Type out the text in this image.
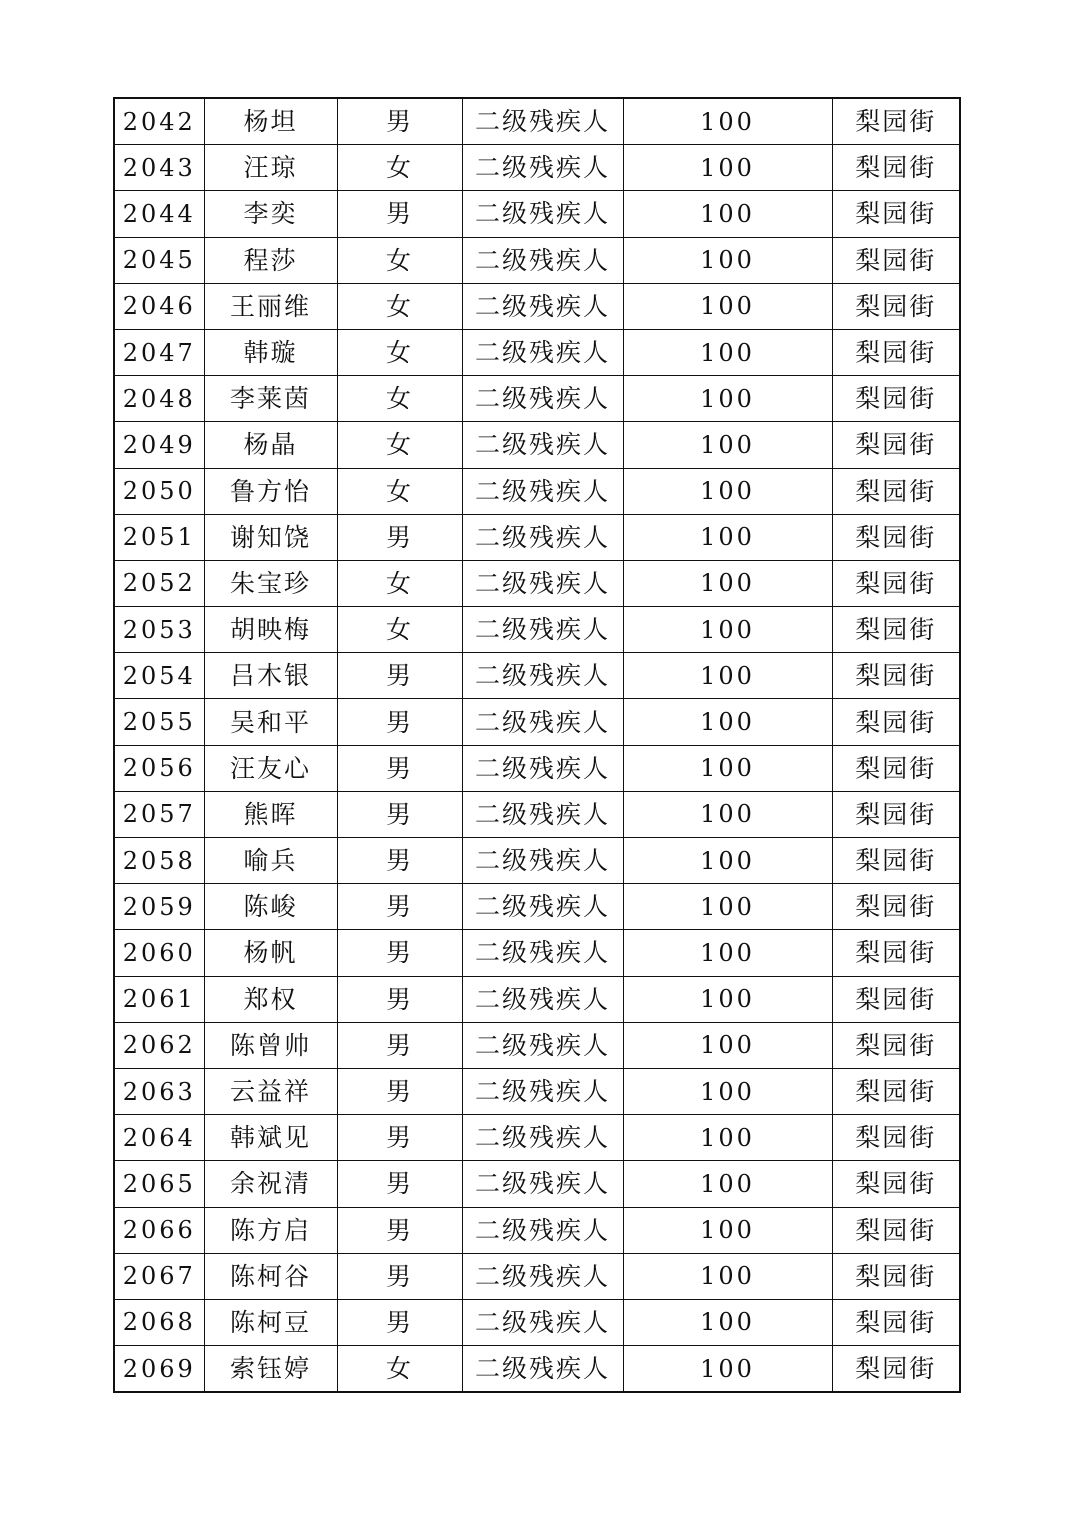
2042	杨坦	男	二级残疾人	100	梨园街
2043	汪琼	女	二级残疾人	100	梨园街
2044	李奕	男	二级残疾人	100	梨园街
2045	程莎	女	二级残疾人	100	梨园街
2046	王丽维	女	二级残疾人	100	梨园街
2047	韩璇	女	二级残疾人	100	梨园街
2048	李莱茵	女	二级残疾人	100	梨园街
2049	杨晶	女	二级残疾人	100	梨园街
2050	鲁方怡	女	二级残疾人	100	梨园街
2051	谢知饶	男	二级残疾人	100	梨园街
2052	朱宝珍	女	二级残疾人	100	梨园街
2053	胡映梅	女	二级残疾人	100	梨园街
2054	吕木银	男	二级残疾人	100	梨园街
2055	吴和平	男	二级残疾人	100	梨园街
2056	汪友心	男	二级残疾人	100	梨园街
2057	熊晖	男	二级残疾人	100	梨园街
2058	喻兵	男	二级残疾人	100	梨园街
2059	陈峻	男	二级残疾人	100	梨园街
2060	杨帆	男	二级残疾人	100	梨园街
2061	郑权	男	二级残疾人	100	梨园街
2062	陈曾帅	男	二级残疾人	100	梨园街
2063	云益祥	男	二级残疾人	100	梨园街
2064	韩斌见	男	二级残疾人	100	梨园街
2065	余祝清	男	二级残疾人	100	梨园街
2066	陈方启	男	二级残疾人	100	梨园街
2067	陈柯谷	男	二级残疾人	100	梨园街
2068	陈柯豆	男	二级残疾人	100	梨园街
2069	索钰婷	女	二级残疾人	100	梨园街
